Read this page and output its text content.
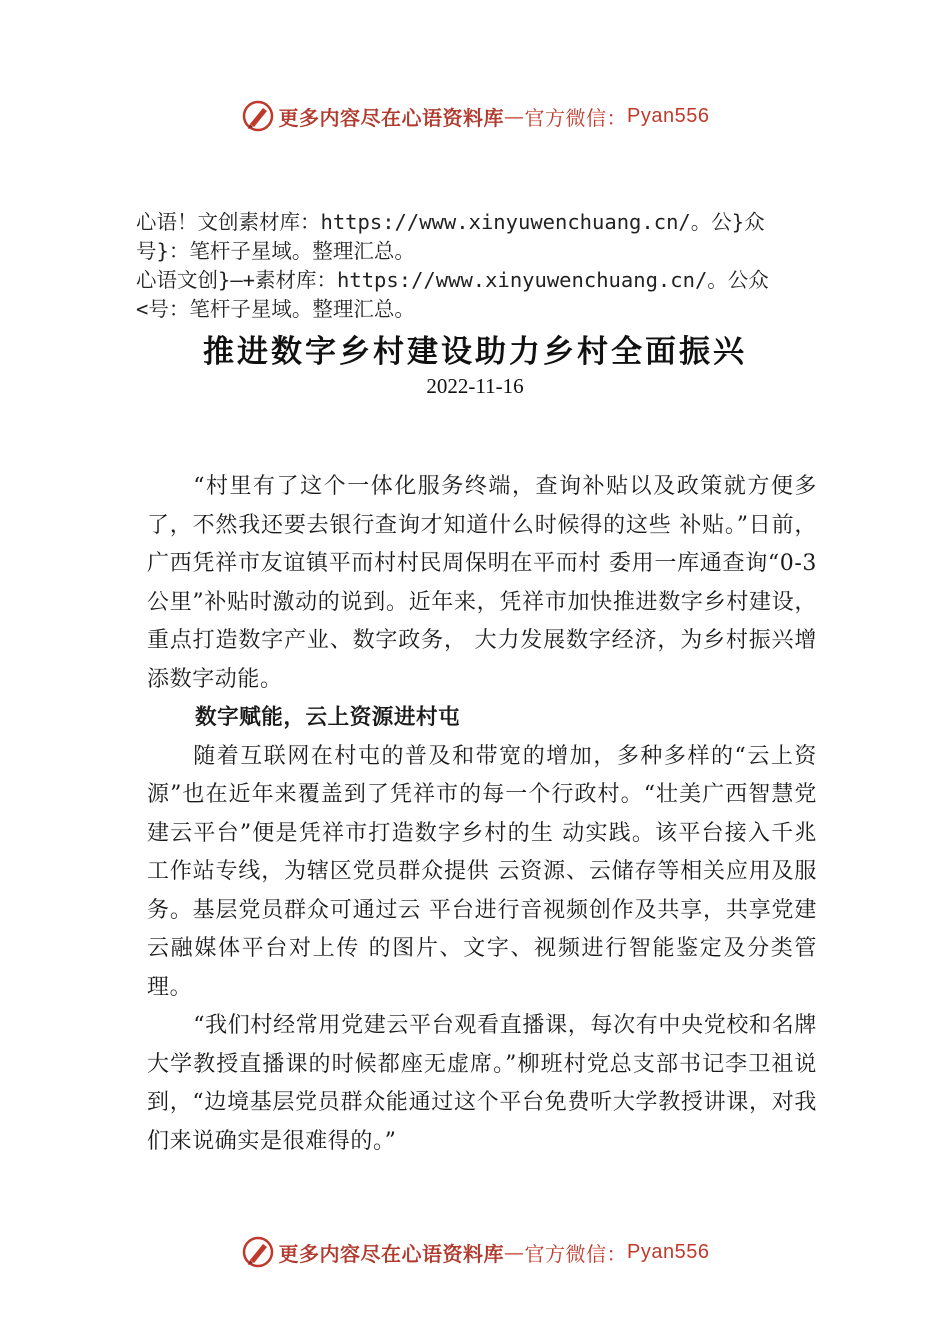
更多内容尽在心语资料库 — 官方微信： Pyan556
心语！文创素材库：https://www.xinyuwenchuang.cn/。公}众
号}：笔杆子星域。整理汇总。
心语文创}—+素材库：https://www.xinyuwenchuang.cn/。公众
<号：笔杆子星域。整理汇总。
推进数字乡村建设助力乡村全面振兴
2022-11-16

“村里有了这个一体化服务终端，查询补贴以及政策就方便多了，不然我还要去银行查询才知道什么时候得的这些 补贴。”日前，广西凭祥市友谊镇平而村村民周保明在平而村 委用一库通查询“0-3 公里”补贴时激动的说到。近年来，凭祥市加快推进数字乡村建设，重点打造数字产业、数字政务， 大力发展数字经济，为乡村振兴增添数字动能。

数字赋能，云上资源进村屯

随着互联网在村屯的普及和带宽的增加，多种多样的“云上资源”也在近年来覆盖到了凭祥市的每一个行政村。“壮美广西智慧党建云平台”便是凭祥市打造数字乡村的生 动实践。该平台接入千兆工作站专线，为辖区党员群众提供 云资源、云储存等相关应用及服务。基层党员群众可通过云 平台进行音视频创作及共享，共享党建云融媒体平台对上传 的图片、文字、视频进行智能鉴定及分类管理。

“我们村经常用党建云平台观看直播课，每次有中央党校和名牌大学教授直播课的时候都座无虚席。”柳班村党总支部书记李卫祖说到，“边境基层党员群众能通过这个平台免费听大学教授讲课，对我们来说确实是很难得的。”

更多内容尽在心语资料库 — 官方微信： Pyan556
